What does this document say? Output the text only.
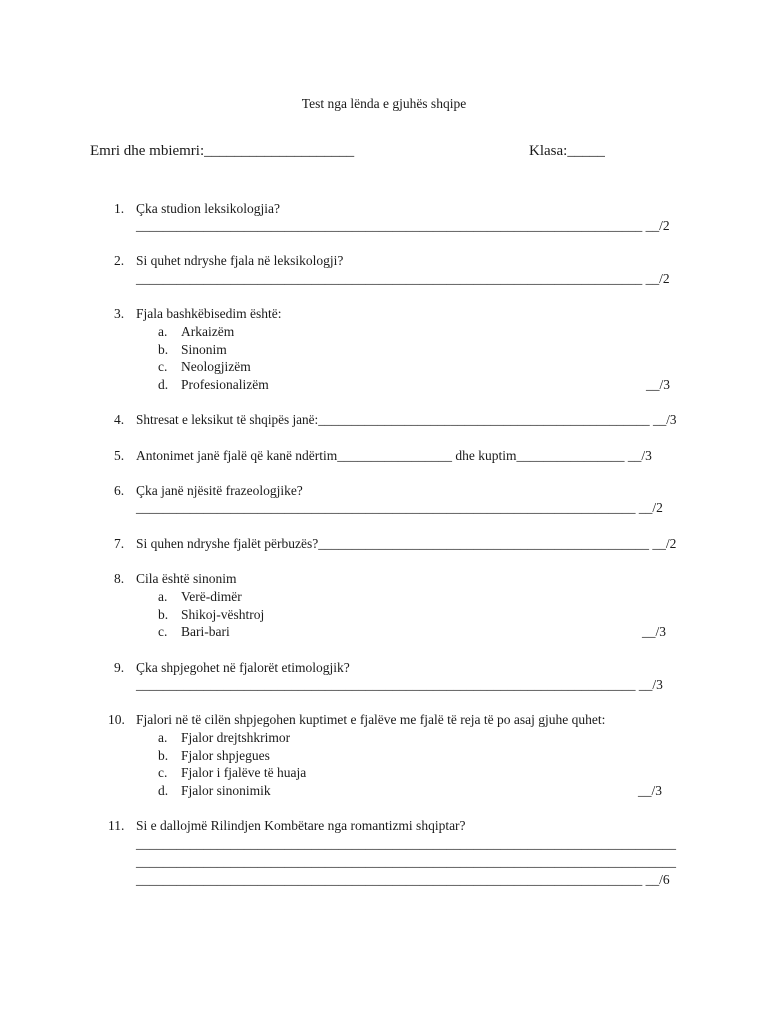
Test nga lënda e gjuhës shqipe
Emri dhe mbiemri:____________________	Klasa:_____
1. Çka studion leksikologjia?
___________________________________________________________________________ __/2
2. Si quhet ndryshe fjala në leksikologji?
___________________________________________________________________________ __/2
3. Fjala bashkëbisedim është:
a. Arkaizëm
b. Sinonim
c. Neologjizëm
d. Profesionalizëm	__/3
4. Shtresat e leksikut të shqipës janë:__________________________________________________ __/3
5. Antonimet janë fjalë që kanë ndërtim_________________ dhe kuptim________________ __/3
6. Çka janë njësitë frazeologjike?
__________________________________________________________________________ __/2
7. Si quhen ndryshe fjalët përbuzës?_________________________________________________ __/2
8. Cila është sinonim
a. Verë-dimër
b. Shikoj-vështroj
c. Bari-bari	__/3
9. Çka shpjegohet në fjalorët etimologjik?
__________________________________________________________________________ __/3
10. Fjalori në të cilën shpjegohen kuptimet e fjalëve me fjalë të reja të po asaj gjuhe quhet:
a. Fjalor drejtshkrimor
b. Fjalor shpjegues
c. Fjalor i fjalëve të huaja
d. Fjalor sinonimik	__/3
11. Si e dallojmë Rilindjen Kombëtare nga romantizmi shqiptar?
________________________________________________________________________________
________________________________________________________________________________
___________________________________________________________________________ __/6
